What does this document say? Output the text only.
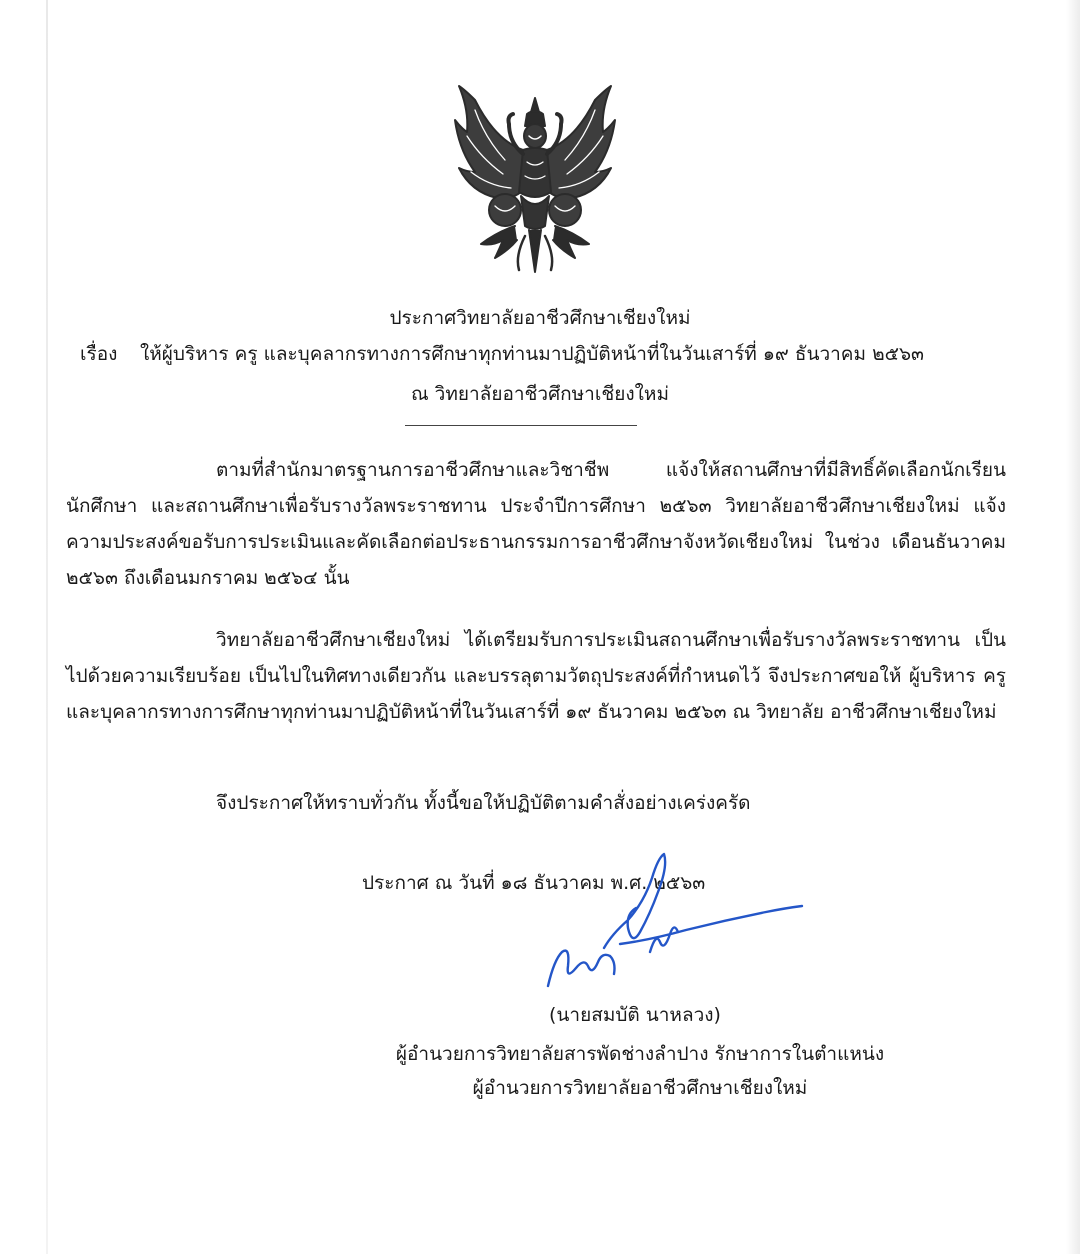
ประกาศวิทยาลัยอาชีวศึกษาเชียงใหม่
เรื่อง ให้ผู้บริหาร ครู และบุคลากรทางการศึกษาทุกท่านมาปฏิบัติหน้าที่ในวันเสาร์ที่ ๑๙ ธันวาคม ๒๕๖๓
ณ วิทยาลัยอาชีวศึกษาเชียงใหม่
ตามที่สำนักมาตรฐานการอาชีวศึกษาและวิชาชีพ แจ้งให้สถานศึกษาที่มีสิทธิ์คัดเลือกนักเรียน นักศึกษา และสถานศึกษาเพื่อรับรางวัลพระราชทาน ประจำปีการศึกษา ๒๕๖๓ วิทยาลัยอาชีวศึกษาเชียงใหม่ แจ้งความประสงค์ขอรับการประเมินและคัดเลือกต่อประธานกรรมการอาชีวศึกษาจังหวัดเชียงใหม่ ในช่วง เดือนธันวาคม ๒๕๖๓ ถึงเดือนมกราคม ๒๕๖๔ นั้น
วิทยาลัยอาชีวศึกษาเชียงใหม่ ได้เตรียมรับการประเมินสถานศึกษาเพื่อรับรางวัลพระราชทาน เป็นไปด้วยความเรียบร้อย เป็นไปในทิศทางเดียวกัน และบรรลุตามวัตถุประสงค์ที่กำหนดไว้ จึงประกาศขอให้ ผู้บริหาร ครู และบุคลากรทางการศึกษาทุกท่านมาปฏิบัติหน้าที่ในวันเสาร์ที่ ๑๙ ธันวาคม ๒๕๖๓ ณ วิทยาลัย อาชีวศึกษาเชียงใหม่
จึงประกาศให้ทราบทั่วกัน ทั้งนี้ขอให้ปฏิบัติตามคำสั่งอย่างเคร่งครัด
ประกาศ ณ วันที่ ๑๘ ธันวาคม พ.ศ. ๒๕๖๓
(นายสมบัติ นาหลวง)
ผู้อำนวยการวิทยาลัยสารพัดช่างลำปาง รักษาการในตำแหน่ง
ผู้อำนวยการวิทยาลัยอาชีวศึกษาเชียงใหม่
